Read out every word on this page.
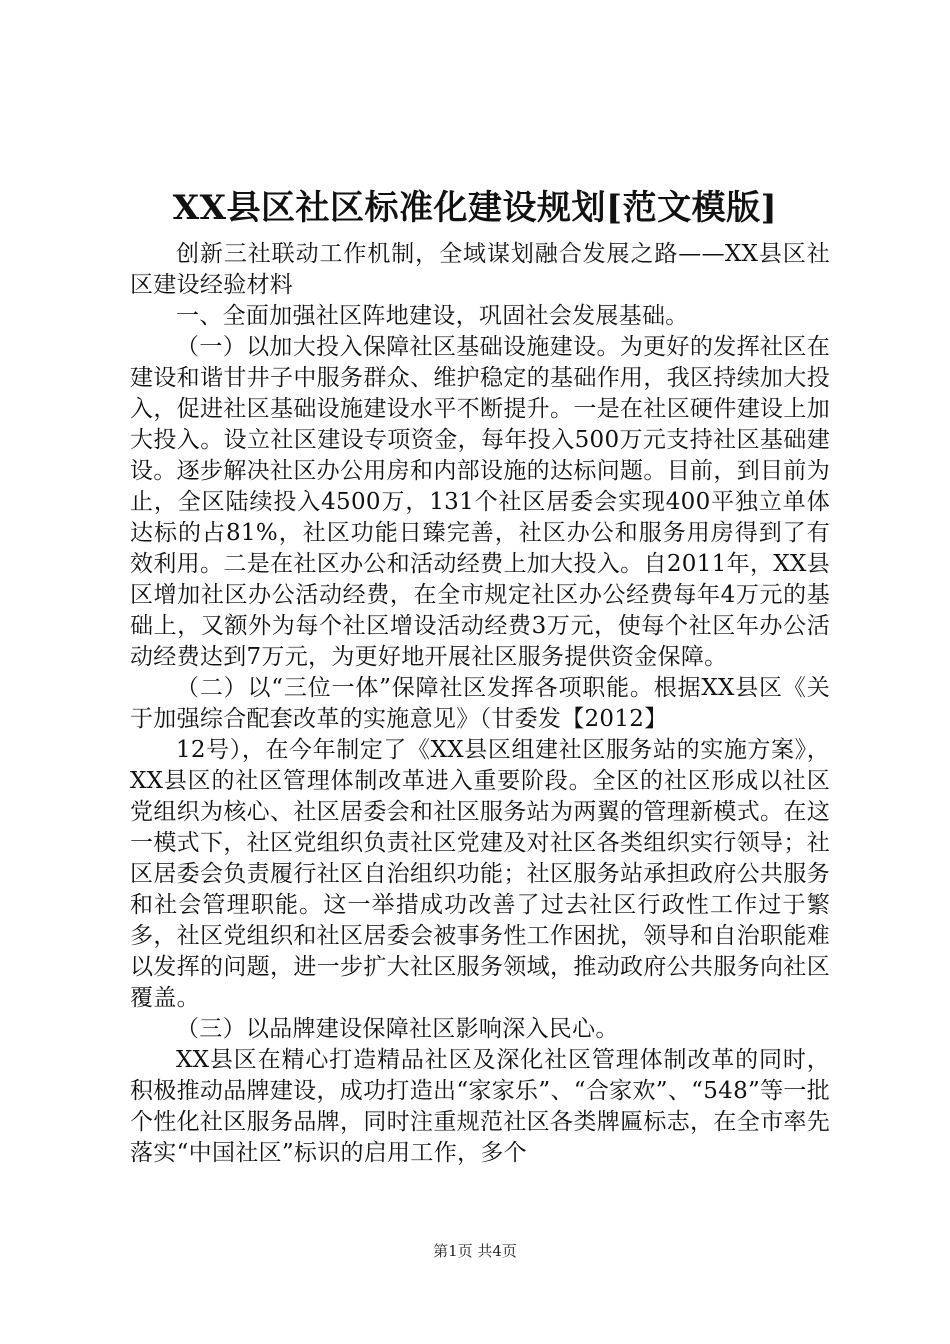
XX县区社区标准化建设规划[范文模版]

创新三社联动工作机制，全域谋划融合发展之路——XX县区社区建设经验材料

一、全面加强社区阵地建设，巩固社会发展基础。

（一）以加大投入保障社区基础设施建设。为更好的发挥社区在建设和谐甘井子中服务群众、维护稳定的基础作用，我区持续加大投入，促进社区基础设施建设水平不断提升。一是在社区硬件建设上加大投入。设立社区建设专项资金，每年投入500万元支持社区基础建设。逐步解决社区办公用房和内部设施的达标问题。目前，到目前为止，全区陆续投入4500万，131个社区居委会实现400平独立单体达标的占81%，社区功能日臻完善，社区办公和服务用房得到了有效利用。二是在社区办公和活动经费上加大投入。自2011年，XX县区增加社区办公活动经费，在全市规定社区办公经费每年4万元的基础上，又额外为每个社区增设活动经费3万元，使每个社区年办公活动经费达到7万元，为更好地开展社区服务提供资金保障。

（二）以“三位一体”保障社区发挥各项职能。根据XX县区《关于加强综合配套改革的实施意见》（甘委发【2012】

12号），在今年制定了《XX县区组建社区服务站的实施方案》，XX县区的社区管理体制改革进入重要阶段。全区的社区形成以社区党组织为核心、社区居委会和社区服务站为两翼的管理新模式。在这一模式下，社区党组织负责社区党建及对社区各类组织实行领导；社区居委会负责履行社区自治组织功能；社区服务站承担政府公共服务和社会管理职能。这一举措成功改善了过去社区行政性工作过于繁多，社区党组织和社区居委会被事务性工作困扰，领导和自治职能难以发挥的问题，进一步扩大社区服务领域，推动政府公共服务向社区覆盖。

（三）以品牌建设保障社区影响深入民心。

XX县区在精心打造精品社区及深化社区管理体制改革的同时，积极推动品牌建设，成功打造出“家家乐”、“合家欢”、“548”等一批个性化社区服务品牌，同时注重规范社区各类牌匾标志，在全市率先落实“中国社区”标识的启用工作，多个

第1页 共4页
